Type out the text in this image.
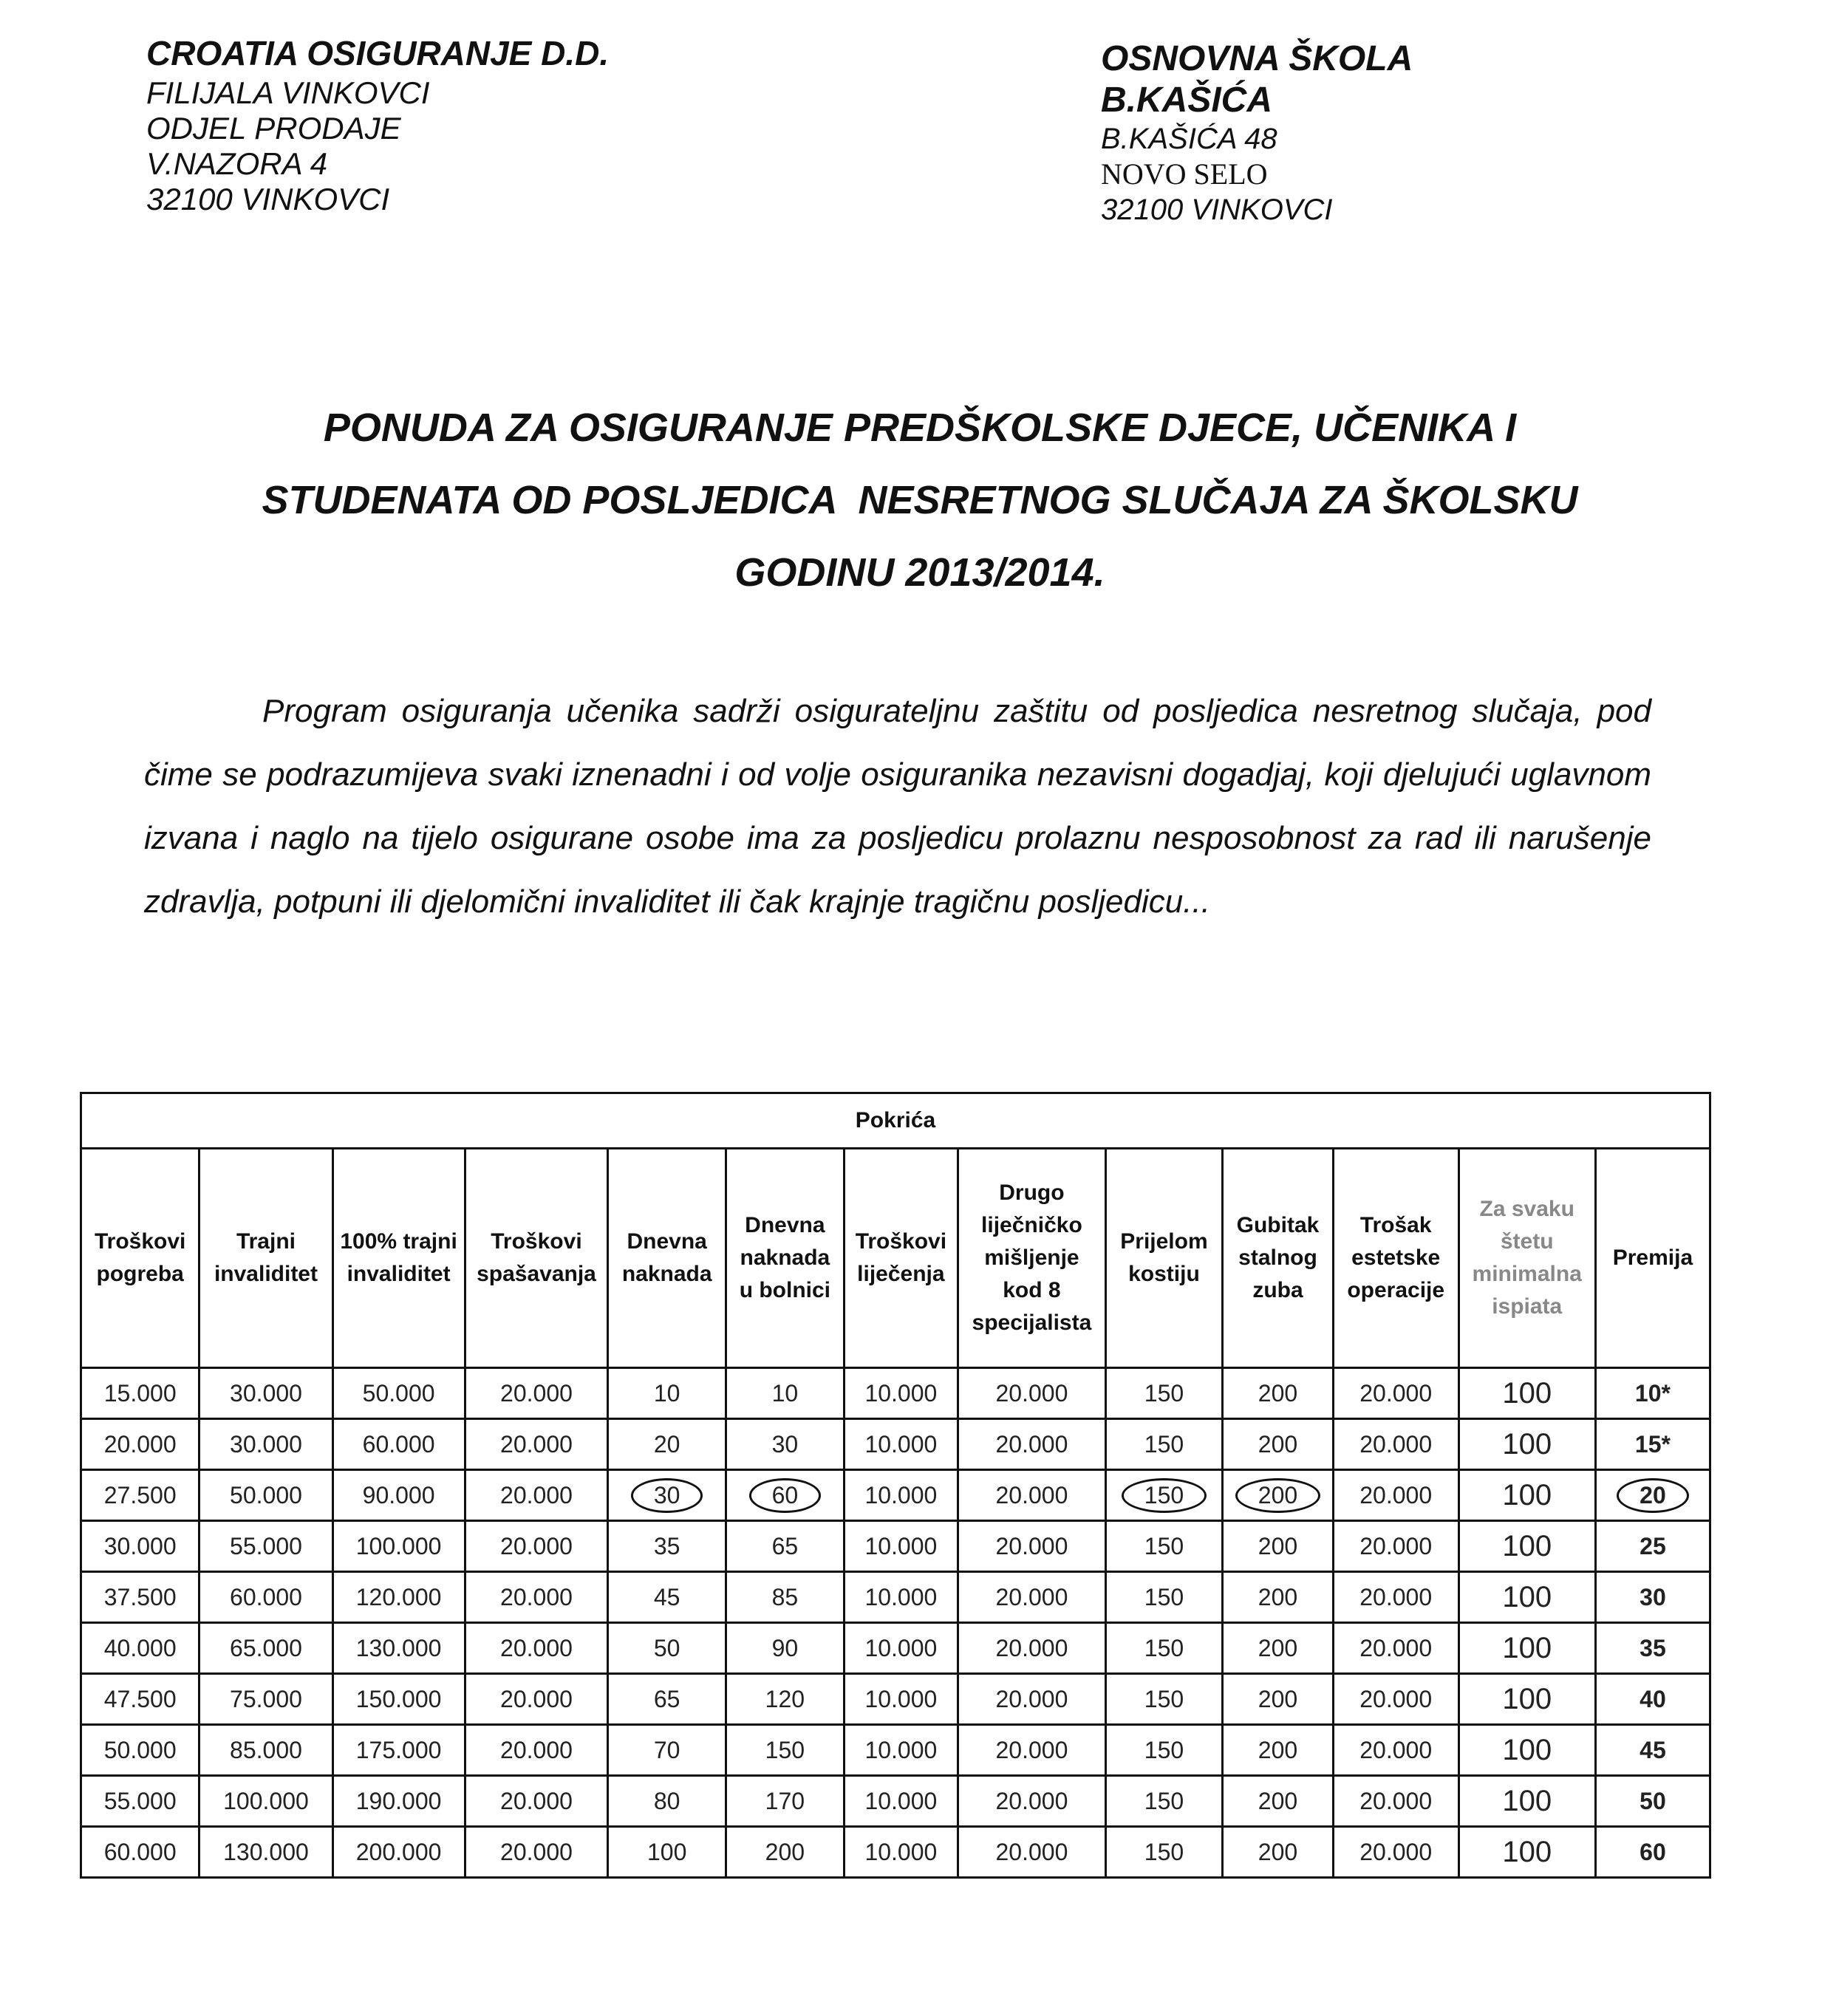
CROATIA OSIGURANJE D.D.
FILIJALA VINKOVCI
ODJEL PRODAJE
V.NAZORA 4
32100 VINKOVCI
OSNOVNA ŠKOLA
B.KAŠIĆA
B.KAŠIĆA 48
NOVO SELO
32100 VINKOVCI
PONUDA ZA OSIGURANJE PREDŠKOLSKE DJECE, UČENIKA I
STUDENATA OD POSLJEDICA  NESRETNOG SLUČAJA ZA ŠKOLSKU
GODINU 2013/2014.
Program osiguranja učenika sadrži osigurateljnu zaštitu od posljedica nesretnog slučaja, pod čime se podrazumijeva svaki iznenadni i od volje osiguranika nezavisni dogadjaj, koji djelujući uglavnom izvana i naglo na tijelo osigurane osobe ima za posljedicu prolaznu nesposobnost za rad ili narušenje zdravlja, potpuni ili djelomični invaliditet ili čak krajnje tragičnu posljedicu...
Pokrića												
Troškovi pogreba	Trajni invaliditet	100% trajni invaliditet	Troškovi spašavanja	Dnevna naknada	Dnevna naknada u bolnici	Troškovi liječenja	Drugo liječničko mišljenje kod 8 specijalista	Prijelom kostiju	Gubitak stalnog zuba	Trošak estetske operacije	Za svaku štetu minimalna ispiata	Premija
15.000	30.000	50.000	20.000	10	10	10.000	20.000	150	200	20.000	100	10*
20.000	30.000	60.000	20.000	20	30	10.000	20.000	150	200	20.000	100	15*
27.500	50.000	90.000	20.000	30	60	10.000	20.000	150	200	20.000	100	20
30.000	55.000	100.000	20.000	35	65	10.000	20.000	150	200	20.000	100	25
37.500	60.000	120.000	20.000	45	85	10.000	20.000	150	200	20.000	100	30
40.000	65.000	130.000	20.000	50	90	10.000	20.000	150	200	20.000	100	35
47.500	75.000	150.000	20.000	65	120	10.000	20.000	150	200	20.000	100	40
50.000	85.000	175.000	20.000	70	150	10.000	20.000	150	200	20.000	100	45
55.000	100.000	190.000	20.000	80	170	10.000	20.000	150	200	20.000	100	50
60.000	130.000	200.000	20.000	100	200	10.000	20.000	150	200	20.000	100	60
